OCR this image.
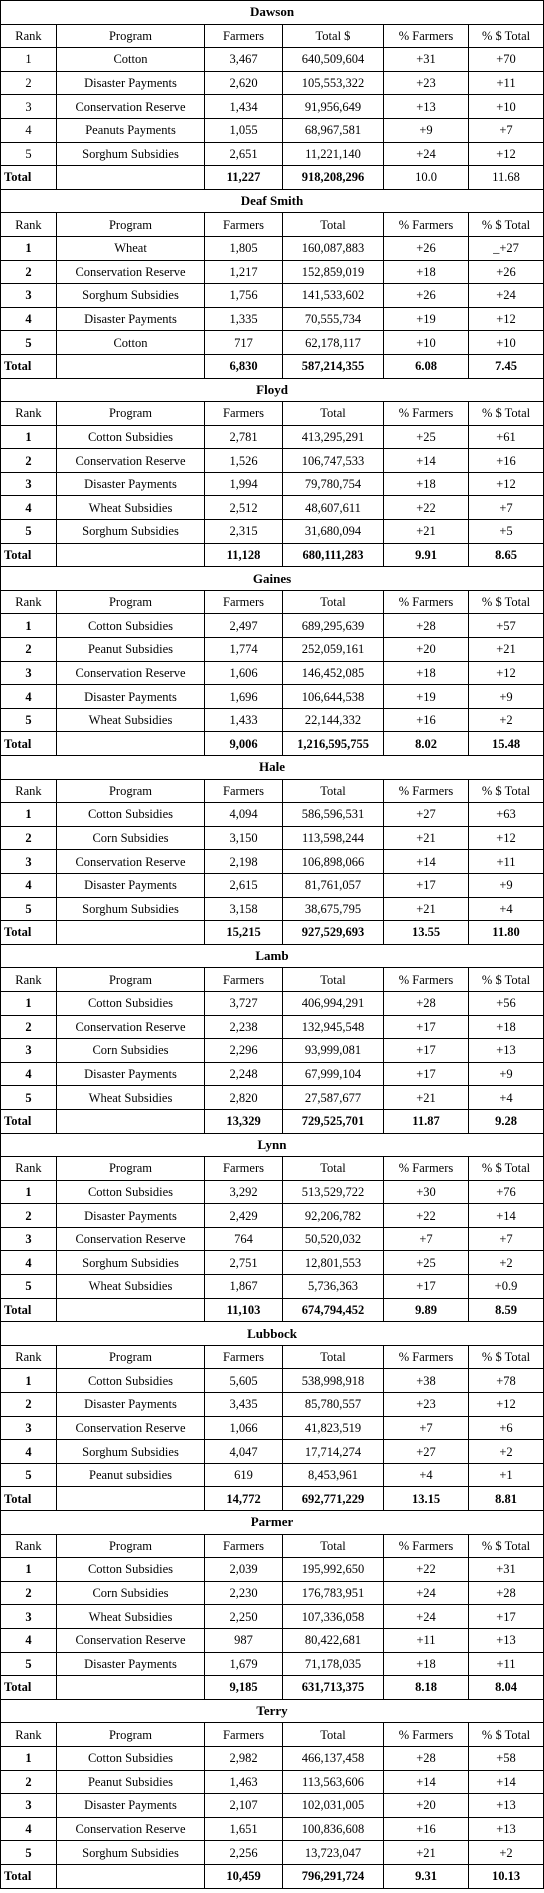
Dawson					
Rank	Program	Farmers	Total $	% Farmers	% $ Total
1	Cotton	3,467	640,509,604	+31	+70
2	Disaster Payments	2,620	105,553,322	+23	+11
3	Conservation Reserve	1,434	91,956,649	+13	+10
4	Peanuts Payments	1,055	68,967,581	+9	+7
5	Sorghum Subsidies	2,651	11,221,140	+24	+12
Total		11,227	918,208,296	10.0	11.68
Deaf Smith					
Rank	Program	Farmers	Total	% Farmers	% $ Total
1	Wheat	1,805	160,087,883	+26	_+27
2	Conservation Reserve	1,217	152,859,019	+18	+26
3	Sorghum Subsidies	1,756	141,533,602	+26	+24
4	Disaster Payments	1,335	70,555,734	+19	+12
5	Cotton	717	62,178,117	+10	+10
Total		6,830	587,214,355	6.08	7.45
Floyd					
Rank	Program	Farmers	Total	% Farmers	% $ Total
1	Cotton Subsidies	2,781	413,295,291	+25	+61
2	Conservation Reserve	1,526	106,747,533	+14	+16
3	Disaster Payments	1,994	79,780,754	+18	+12
4	Wheat Subsidies	2,512	48,607,611	+22	+7
5	Sorghum Subsidies	2,315	31,680,094	+21	+5
Total		11,128	680,111,283	9.91	8.65
Gaines					
Rank	Program	Farmers	Total	% Farmers	% $ Total
1	Cotton Subsidies	2,497	689,295,639	+28	+57
2	Peanut Subsidies	1,774	252,059,161	+20	+21
3	Conservation Reserve	1,606	146,452,085	+18	+12
4	Disaster Payments	1,696	106,644,538	+19	+9
5	Wheat Subsidies	1,433	22,144,332	+16	+2
Total		9,006	1,216,595,755	8.02	15.48
Hale					
Rank	Program	Farmers	Total	% Farmers	% $ Total
1	Cotton Subsidies	4,094	586,596,531	+27	+63
2	Corn Subsidies	3,150	113,598,244	+21	+12
3	Conservation Reserve	2,198	106,898,066	+14	+11
4	Disaster Payments	2,615	81,761,057	+17	+9
5	Sorghum Subsidies	3,158	38,675,795	+21	+4
Total		15,215	927,529,693	13.55	11.80
Lamb					
Rank	Program	Farmers	Total	% Farmers	% $ Total
1	Cotton Subsidies	3,727	406,994,291	+28	+56
2	Conservation Reserve	2,238	132,945,548	+17	+18
3	Corn Subsidies	2,296	93,999,081	+17	+13
4	Disaster Payments	2,248	67,999,104	+17	+9
5	Wheat Subsidies	2,820	27,587,677	+21	+4
Total		13,329	729,525,701	11.87	9.28
Lynn					
Rank	Program	Farmers	Total	% Farmers	% $ Total
1	Cotton Subsidies	3,292	513,529,722	+30	+76
2	Disaster Payments	2,429	92,206,782	+22	+14
3	Conservation Reserve	764	50,520,032	+7	+7
4	Sorghum Subsidies	2,751	12,801,553	+25	+2
5	Wheat Subsidies	1,867	5,736,363	+17	+0.9
Total		11,103	674,794,452	9.89	8.59
Lubbock					
Rank	Program	Farmers	Total	% Farmers	% $ Total
1	Cotton Subsidies	5,605	538,998,918	+38	+78
2	Disaster Payments	3,435	85,780,557	+23	+12
3	Conservation Reserve	1,066	41,823,519	+7	+6
4	Sorghum Subsidies	4,047	17,714,274	+27	+2
5	Peanut subsidies	619	8,453,961	+4	+1
Total		14,772	692,771,229	13.15	8.81
Parmer					
Rank	Program	Farmers	Total	% Farmers	% $ Total
1	Cotton Subsidies	2,039	195,992,650	+22	+31
2	Corn Subsidies	2,230	176,783,951	+24	+28
3	Wheat Subsidies	2,250	107,336,058	+24	+17
4	Conservation Reserve	987	80,422,681	+11	+13
5	Disaster Payments	1,679	71,178,035	+18	+11
Total		9,185	631,713,375	8.18	8.04
Terry					
Rank	Program	Farmers	Total	% Farmers	% $ Total
1	Cotton Subsidies	2,982	466,137,458	+28	+58
2	Peanut Subsidies	1,463	113,563,606	+14	+14
3	Disaster Payments	2,107	102,031,005	+20	+13
4	Conservation Reserve	1,651	100,836,608	+16	+13
5	Sorghum Subsidies	2,256	13,723,047	+21	+2
Total		10,459	796,291,724	9.31	10.13
